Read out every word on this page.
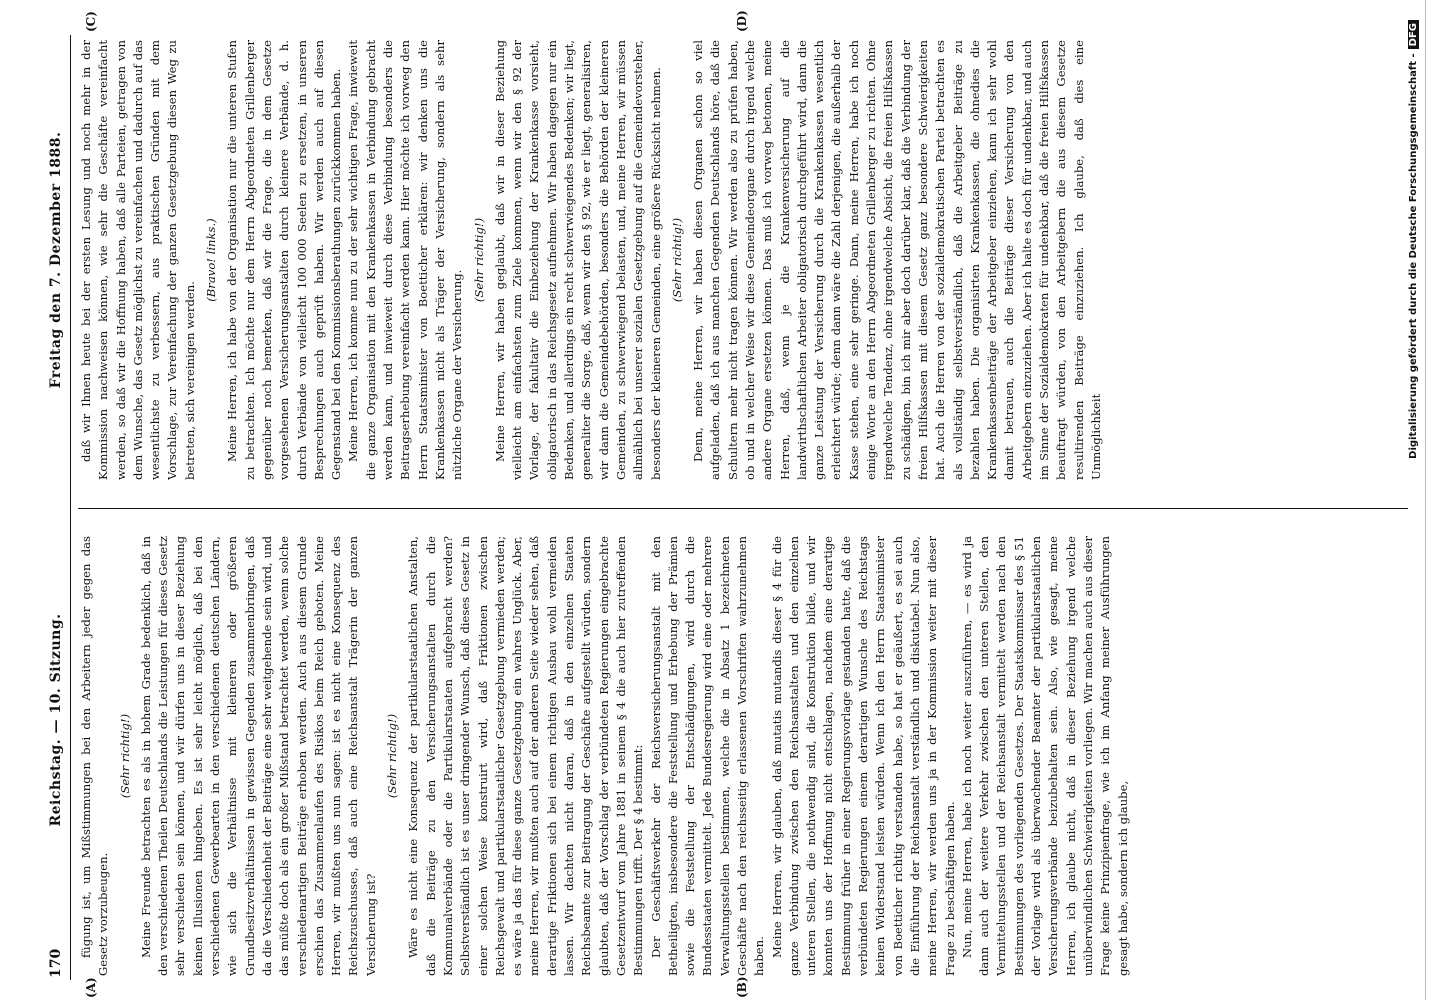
170
Reichstag. — 10. Sitzung.
Freitag den 7. Dezember 1888.
(A)	(B)
(C)	(D)

fügung ist, um Mißstimmungen bei den Arbeitern jeder gegen das Gesetz vorzubeugen.

(Sehr richtig!) Meine Freunde betrachten es als in hohem Grade bedenklich, daß in den verschiedenen Theilen Deutschlands die Leistungen für dieses Gesetz sehr verschieden sein können, und wir dürfen uns in dieser Beziehung keinen Illusionen hingeben. Es ist sehr leicht möglich, daß bei den verschiedenen Gewerbearten in den verschiedenen deutschen Ländern, wie sich die Verhältnisse mit kleineren oder größeren Grundbesitzverhältnissen in gewissen Gegenden zusammenbringen, daß da die Verschiedenheit der Beiträge eine sehr weitgehende sein wird, und das müßte doch als ein großer Mißstand betrachtet werden, wenn solche verschiedenartigen Beiträge erhoben werden. Auch aus diesem Grunde erschien das Zusammenlaufen des Risikos beim Reich geboten. Meine Herren, wir mußten uns nun sagen: ist es nicht eine Konsequenz des Reichszuschusses, daß auch eine Reichsanstalt Trägerin der ganzen Versicherung ist?

(Sehr richtig!) Wäre es nicht eine Konsequenz der partikularstaatlichen Anstalten, daß die Beiträge zu den Versicherungsanstalten durch die Kommunalverbände oder die Partikularstaaten aufgebracht werden? Selbstverständlich ist es unser dringender Wunsch, daß dieses Gesetz in einer solchen Weise konstruirt wird, daß Friktionen zwischen Reichsgewalt und partikularstaatlicher Gesetzgebung vermieden werden; es wäre ja das für diese ganze Gesetzgebung ein wahres Unglück. Aber, meine Herren, wir mußten auch auf der anderen Seite wieder sehen, daß derartige Friktionen sich bei einem richtigen Ausbau wohl vermeiden lassen. Wir dachten nicht daran, daß in den einzelnen Staaten Reichsbeamte zur Beitragung der Geschäfte aufgestellt würden, sondern glaubten, daß der Vorschlag der verbündeten Regierungen eingebrachte Gesetzentwurf vom Jahre 1881 in seinem § 4 die auch hier zutreffenden Bestimmungen trifft. Der § 4 bestimmt: Der Geschäftsverkehr der Reichsversicherungsanstalt mit den Betheiligten, insbesondere die Feststellung und Erhebung der Prämien sowie die Feststellung der Entschädigungen, wird durch die Bundesstaaten vermittelt. Jede Bundesregierung wird eine oder mehrere Verwaltungsstellen bestimmen, welche die in Absatz 1 bezeichneten Geschäfte nach den reichsseitig erlassenen Vorschriften wahrzunehmen haben. Meine Herren, wir glauben, daß mutatis mutandis dieser § 4 für die ganze Verbindung zwischen den Reichsanstalten und den einzelnen unteren Stellen, die nothwendig sind, die Konstruktion bilde, und wir konnten uns der Hoffnung nicht entschlagen, nachdem eine derartige Bestimmung früher in einer Regierungsvorlage gestanden hatte, daß die verbündeten Regierungen einem derartigen Wunsche des Reichstags keinen Widerstand leisten würden. Wenn ich den Herrn Staatsminister von Boetticher richtig verstanden habe, so hat er geäußert, es sei auch die Einführung der Reichsanstalt verständlich und diskutabel. Nun also, meine Herren, wir werden uns ja in der Kommission weiter mit dieser Frage zu beschäftigen haben. Nun, meine Herren, habe ich noch weiter auszuführen, — es wird ja dann auch der weitere Verkehr zwischen den unteren Stellen, den Vermittelungsstellen und der Reichsanstalt vermittelt werden nach den Bestimmungen des vorliegenden Gesetzes. Der Staatskommissar des § 51 der Vorlage wird als überwachender Beamter der partikularstaatlichen Versicherungsverbände beizubehalten sein. Also, wie gesagt, meine Herren, ich glaube nicht, daß in dieser Beziehung irgend welche unüberwindlichen Schwierigkeiten vorliegen. Wir machen auch aus dieser Frage keine Prinzipienfrage, wie ich im Anfang meiner Ausführungen gesagt habe, sondern ich glaube,

daß wir Ihnen heute bei der ersten Lesung und noch mehr in der Kommission nachweisen können, wie sehr die Geschäfte vereinfacht werden, so daß wir die Hoffnung haben, daß alle Parteien, getragen von dem Wunsche, das Gesetz möglichst zu vereinfachen und dadurch auf das wesentlichste zu verbessern, aus praktischen Gründen mit dem Vorschlage, zur Vereinfachung der ganzen Gesetzgebung diesen Weg zu betreten, sich vereinigen werden.

(Bravo! links.) Meine Herren, ich habe von der Organisation nur die unteren Stufen zu betrachten. Ich möchte nur dem Herrn Abgeordneten Grillenberger gegenüber noch bemerken, daß wir die Frage, die in dem Gesetze vorgesehenen Versicherungsanstalten durch kleinere Verbände, d. h. durch Verbände von vielleicht 100 000 Seelen zu ersetzen, in unseren Besprechungen auch geprüft haben. Wir werden auch auf diesen Gegenstand bei den Kommissionsberathungen zurückkommen haben. Meine Herren, ich komme nun zu der sehr wichtigen Frage, inwieweit die ganze Organisation mit den Krankenkassen in Verbindung gebracht werden kann, und inwieweit durch diese Verbindung besonders die Beitragserhebung vereinfacht werden kann. Hier möchte ich vorweg den Herrn Staatsminister von Boetticher erklären: wir denken uns die Krankenkassen nicht als Träger der Versicherung, sondern als sehr nützliche Organe der Versicherung.

(Sehr richtig!) Meine Herren, wir haben geglaubt, daß wir in dieser Beziehung vielleicht am einfachsten zum Ziele kommen, wenn wir den § 92 der Vorlage, der fakultativ die Einbeziehung der Krankenkasse vorsieht, obligatorisch in das Reichsgesetz aufnehmen. Wir haben dagegen nur ein Bedenken, und allerdings ein recht schwerwiegendes Bedenken; wir liegt, generaliter die Sorge, daß, wenn wir den § 92, wie er liegt, generalisiren, wir dann die Gemeindebehörden, besonders die Behörden der kleineren Gemeinden, zu schwerwiegend belasten, und, meine Herren, wir müssen allmählich bei unserer sozialen Gesetzgebung auf die Gemeindevorsteher, besonders der kleineren Gemeinden, eine größere Rücksicht nehmen. (Sehr richtig!) Denn, meine Herren, wir haben diesen Organen schon so viel aufgeladen, daß ich aus manchen Gegenden Deutschlands höre, daß die Schultern mehr nicht tragen können. Wir werden also zu prüfen haben, ob und in welcher Weise wir diese Gemeindeorgane durch irgend welche andere Organe ersetzen können. Das muß ich vorweg betonen, meine Herren, daß, wenn je die Krankenversicherung auf die landwirthschaftlichen Arbeiter obligatorisch durchgeführt wird, dann die ganze Leistung der Versicherung durch die Krankenkassen wesentlich erleichtert würde; denn dann wäre die Zahl derjenigen, die außerhalb der Kasse stehen, eine sehr geringe. Dann, meine Herren, habe ich noch einige Worte an den Herrn Abgeordneten Grillenberger zu richten. Ohne irgendwelche Tendenz, ohne irgendwelche Absicht, die freien Hilfskassen zu schädigen, bin ich mir aber doch darüber klar, daß die Verbindung der freien Hilfskassen mit diesem Gesetz ganz besondere Schwierigkeiten hat. Auch die Herren von der sozialdemokratischen Partei betrachten es als vollständig selbstverständlich, daß die Arbeitgeber Beiträge zu bezahlen haben. Die organisirten Krankenkassen, die ohnedies die Krankenkassenbeiträge der Arbeitgeber einziehen, kann ich sehr wohl damit betrauen, auch die Beiträge dieser Versicherung von den Arbeitgebern einzuziehen. Aber ich halte es doch für undenkbar, und auch im Sinne der Sozialdemokraten für undenkbar, daß die freien Hilfskassen beauftragt würden, von den Arbeitgebern die aus diesem Gesetze resultirenden Beiträge einzuziehen. Ich glaube, daß dies eine Unmöglichkeit	Digitalisierung gefördert durch die Deutsche Forschungsgemeinschaft -DFG
